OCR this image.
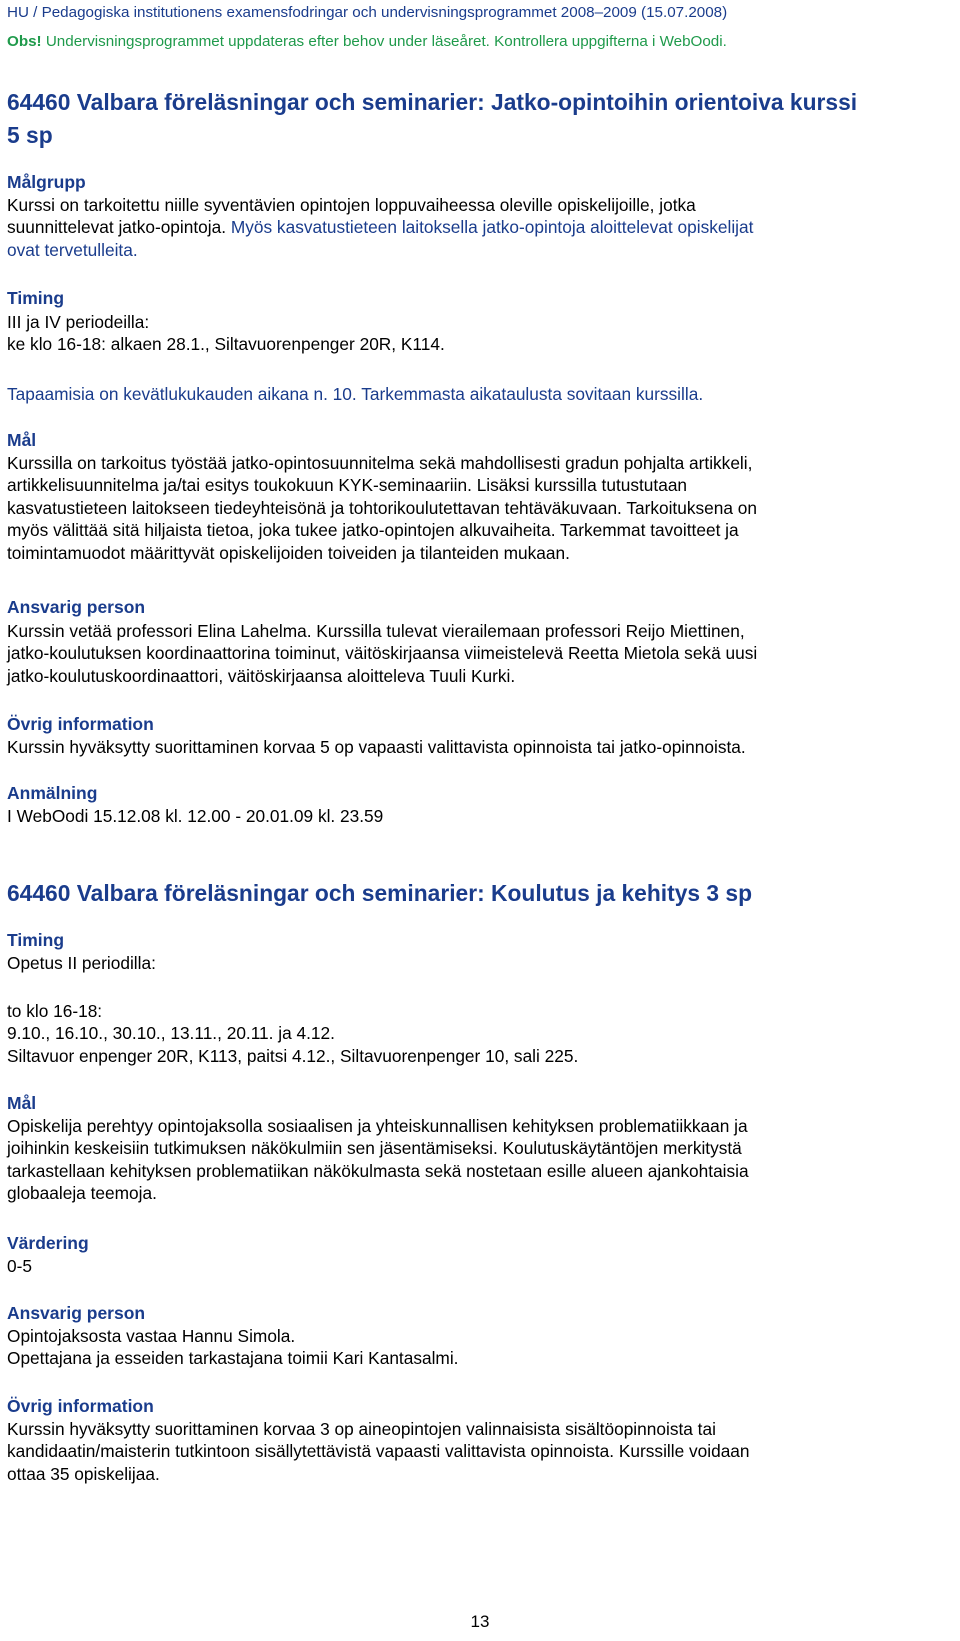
HU / Pedagogiska institutionens examensfodringar och undervisningsprogrammet 2008–2009 (15.07.2008)
Obs! Undervisningsprogrammet uppdateras efter behov under läseåret. Kontrollera uppgifterna i WebOodi.
64460 Valbara föreläsningar och seminarier: Jatko-opintoihin orientoiva kurssi
5 sp
Målgrupp
Kurssi on tarkoitettu niille syventävien opintojen loppuvaiheessa oleville opiskelijoille, jotka
suunnittelevat jatko-opintoja. Myös kasvatustieteen laitoksella jatko-opintoja aloittelevat opiskelijat
ovat tervetulleita.
Timing
III ja IV periodeilla:
ke klo 16-18: alkaen 28.1., Siltavuorenpenger 20R, K114.
Tapaamisia on kevätlukukauden aikana n. 10. Tarkemmasta aikataulusta sovitaan kurssilla.
Mål
Kurssilla on tarkoitus työstää jatko-opintosuunnitelma sekä mahdollisesti gradun pohjalta artikkeli,
artikkelisuunnitelma ja/tai esitys toukokuun KYK-seminaariin. Lisäksi kurssilla tutustutaan
kasvatustieteen laitokseen tiedeyhteisönä ja tohtorikoulutettavan tehtäväkuvaan. Tarkoituksena on
myös välittää sitä hiljaista tietoa, joka tukee jatko-opintojen alkuvaiheita. Tarkemmat tavoitteet ja
toimintamuodot määrittyvät opiskelijoiden toiveiden ja tilanteiden mukaan.
Ansvarig person
Kurssin vetää professori Elina Lahelma. Kurssilla tulevat vierailemaan professori Reijo Miettinen,
jatko-koulutuksen koordinaattorina toiminut, väitöskirjaansa viimeistelevä Reetta Mietola sekä uusi
jatko-koulutuskoordinaattori, väitöskirjaansa aloitteleva Tuuli Kurki.
Övrig information
Kurssin hyväksytty suorittaminen korvaa 5 op vapaasti valittavista opinnoista tai jatko-opinnoista.
Anmälning
I WebOodi 15.12.08 kl. 12.00 - 20.01.09 kl. 23.59
64460 Valbara föreläsningar och seminarier: Koulutus ja kehitys 3 sp
Timing
Opetus II periodilla:
to klo 16-18:
9.10., 16.10., 30.10., 13.11., 20.11. ja 4.12.
Siltavuor enpenger 20R, K113, paitsi 4.12., Siltavuorenpenger 10, sali 225.
Mål
Opiskelija perehtyy opintojaksolla sosiaalisen ja yhteiskunnallisen kehityksen problematiikkaan ja
joihinkin keskeisiin tutkimuksen näkökulmiin sen jäsentämiseksi. Koulutuskäytäntöjen merkitystä
tarkastellaan kehityksen problematiikan näkökulmasta sekä nostetaan esille alueen ajankohtaisia
globaaleja teemoja.
Värdering
0-5
Ansvarig person
Opintojaksosta vastaa Hannu Simola.
Opettajana ja esseiden tarkastajana toimii Kari Kantasalmi.
Övrig information
Kurssin hyväksytty suorittaminen korvaa 3 op aineopintojen valinnaisista sisältöopinnoista tai
kandidaatin/maisterin tutkintoon sisällytettävistä vapaasti valittavista opinnoista. Kurssille voidaan
ottaa 35 opiskelijaa.
13
